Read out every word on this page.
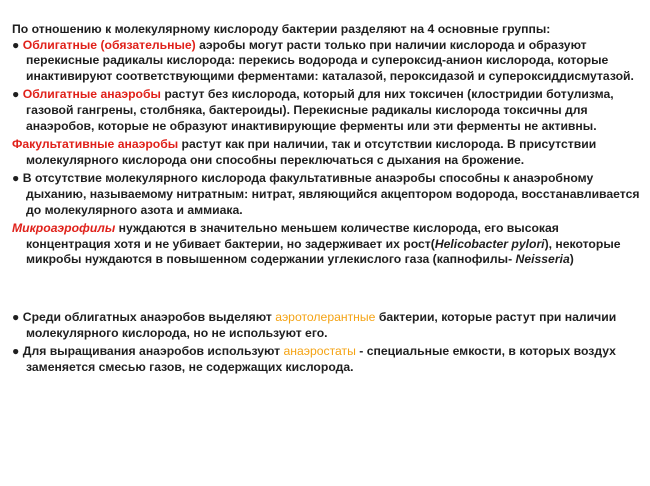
По отношению к молекулярному кислороду бактерии разделяют на 4 основные группы:

● Облигатные (обязательные) аэробы могут расти только при наличии кислорода и образуют перекисные радикалы кислорода: перекись водорода и супероксид-анион кислорода, которые инактивируют соответствующими ферментами: каталазой, пероксидазой и супероксиддисмутазой.

● Облигатные анаэробы растут без кислорода, который для них токсичен (клостридии ботулизма, газовой гангрены, столбняка, бактероиды). Перекисные радикалы кислорода токсичны для анаэробов, которые не образуют инактивирующие ферменты или эти ферменты не активны.

Факультативные анаэробы растут как при наличии, так и отсутствии кислорода. В присутствии молекулярного кислорода они способны переключаться с дыхания на брожение.

● В отсутствие молекулярного кислорода факультативные анаэробы способны к анаэробному дыханию, называемому нитратным: нитрат, являющийся акцептором водорода, восстанавливается до молекулярного азота и аммиака.

Микроаэрофилы нуждаются в значительно меньшем количестве кислорода, его высокая концентрация хотя и не убивает бактерии, но задерживает их рост(Helicobacter pylori), некоторые микробы нуждаются в повышенном содержании углекислого газа (капнофилы- Neisseria)

● Среди облигатных анаэробов выделяют аэротолерантные бактерии, которые растут при наличии молекулярного кислорода, но не используют его.

● Для выращивания анаэробов используют анаэростаты - специальные емкости, в которых воздух заменяется смесью газов, не содержащих кислорода.
